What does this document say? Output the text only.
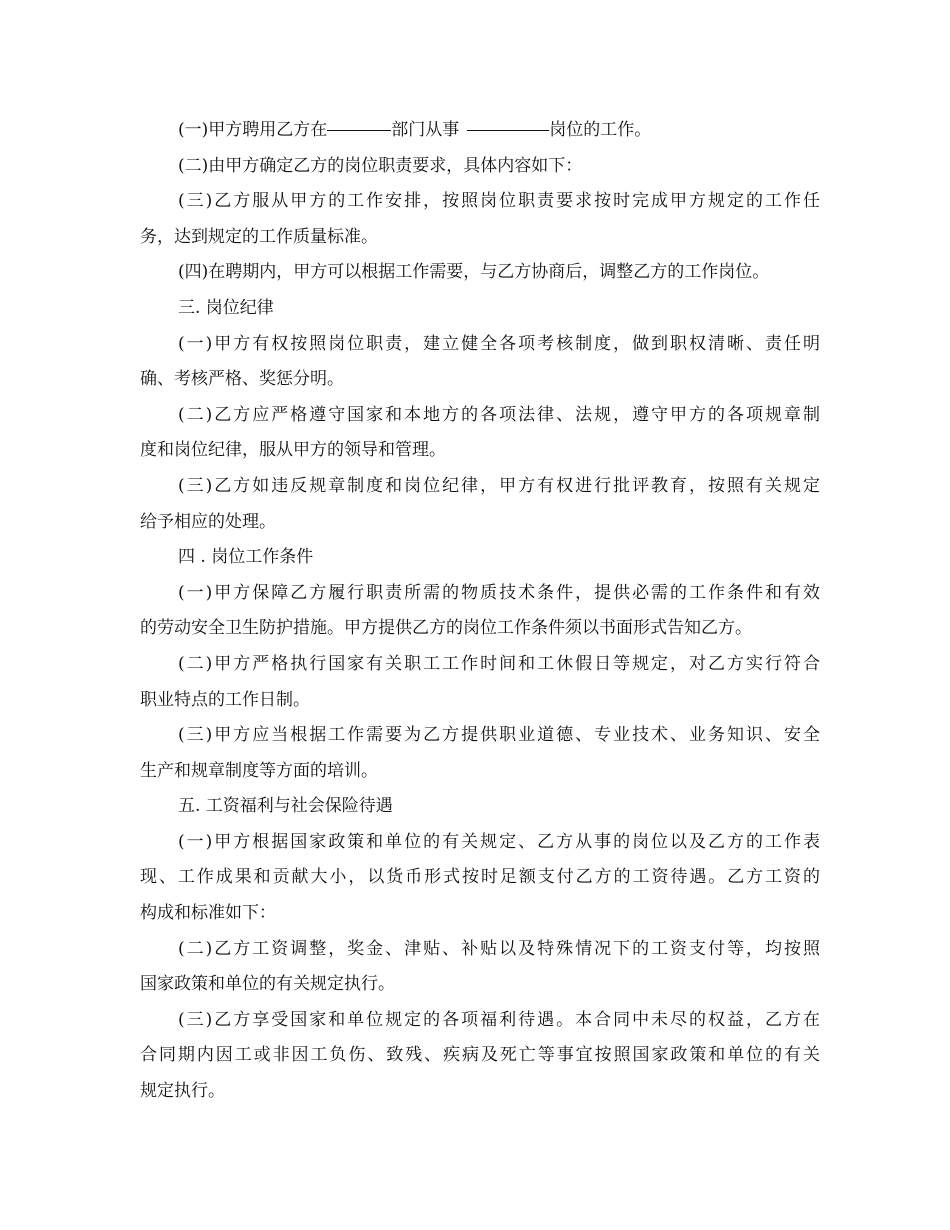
(一)甲方聘用乙方在	部门从事	岗位的工作。
(二)由甲方确定乙方的岗位职责要求，具体内容如下：
(三)乙方服从甲方的工作安排，按照岗位职责要求按时完成甲方规定的工作任
务，达到规定的工作质量标准。
(四)在聘期内，甲方可以根据工作需要，与乙方协商后，调整乙方的工作岗位。
三. 岗位纪律
(一)甲方有权按照岗位职责，建立健全各项考核制度，做到职权清晰、责任明
确、考核严格、奖惩分明。
(二)乙方应严格遵守国家和本地方的各项法律、法规，遵守甲方的各项规章制
度和岗位纪律，服从甲方的领导和管理。
(三)乙方如违反规章制度和岗位纪律，甲方有权进行批评教育，按照有关规定
给予相应的处理。
四 . 岗位工作条件
(一)甲方保障乙方履行职责所需的物质技术条件，提供必需的工作条件和有效
的劳动安全卫生防护措施。甲方提供乙方的岗位工作条件须以书面形式告知乙方。
(二)甲方严格执行国家有关职工工作时间和工休假日等规定，对乙方实行符合
职业特点的工作日制。
(三)甲方应当根据工作需要为乙方提供职业道德、专业技术、业务知识、安全
生产和规章制度等方面的培训。
五. 工资福利与社会保险待遇
(一)甲方根据国家政策和单位的有关规定、乙方从事的岗位以及乙方的工作表
现、工作成果和贡献大小，以货币形式按时足额支付乙方的工资待遇。乙方工资的
构成和标准如下：
(二)乙方工资调整，奖金、津贴、补贴以及特殊情况下的工资支付等，均按照
国家政策和单位的有关规定执行。
(三)乙方享受国家和单位规定的各项福利待遇。本合同中未尽的权益，乙方在
合同期内因工或非因工负伤、致残、疾病及死亡等事宜按照国家政策和单位的有关
规定执行。
